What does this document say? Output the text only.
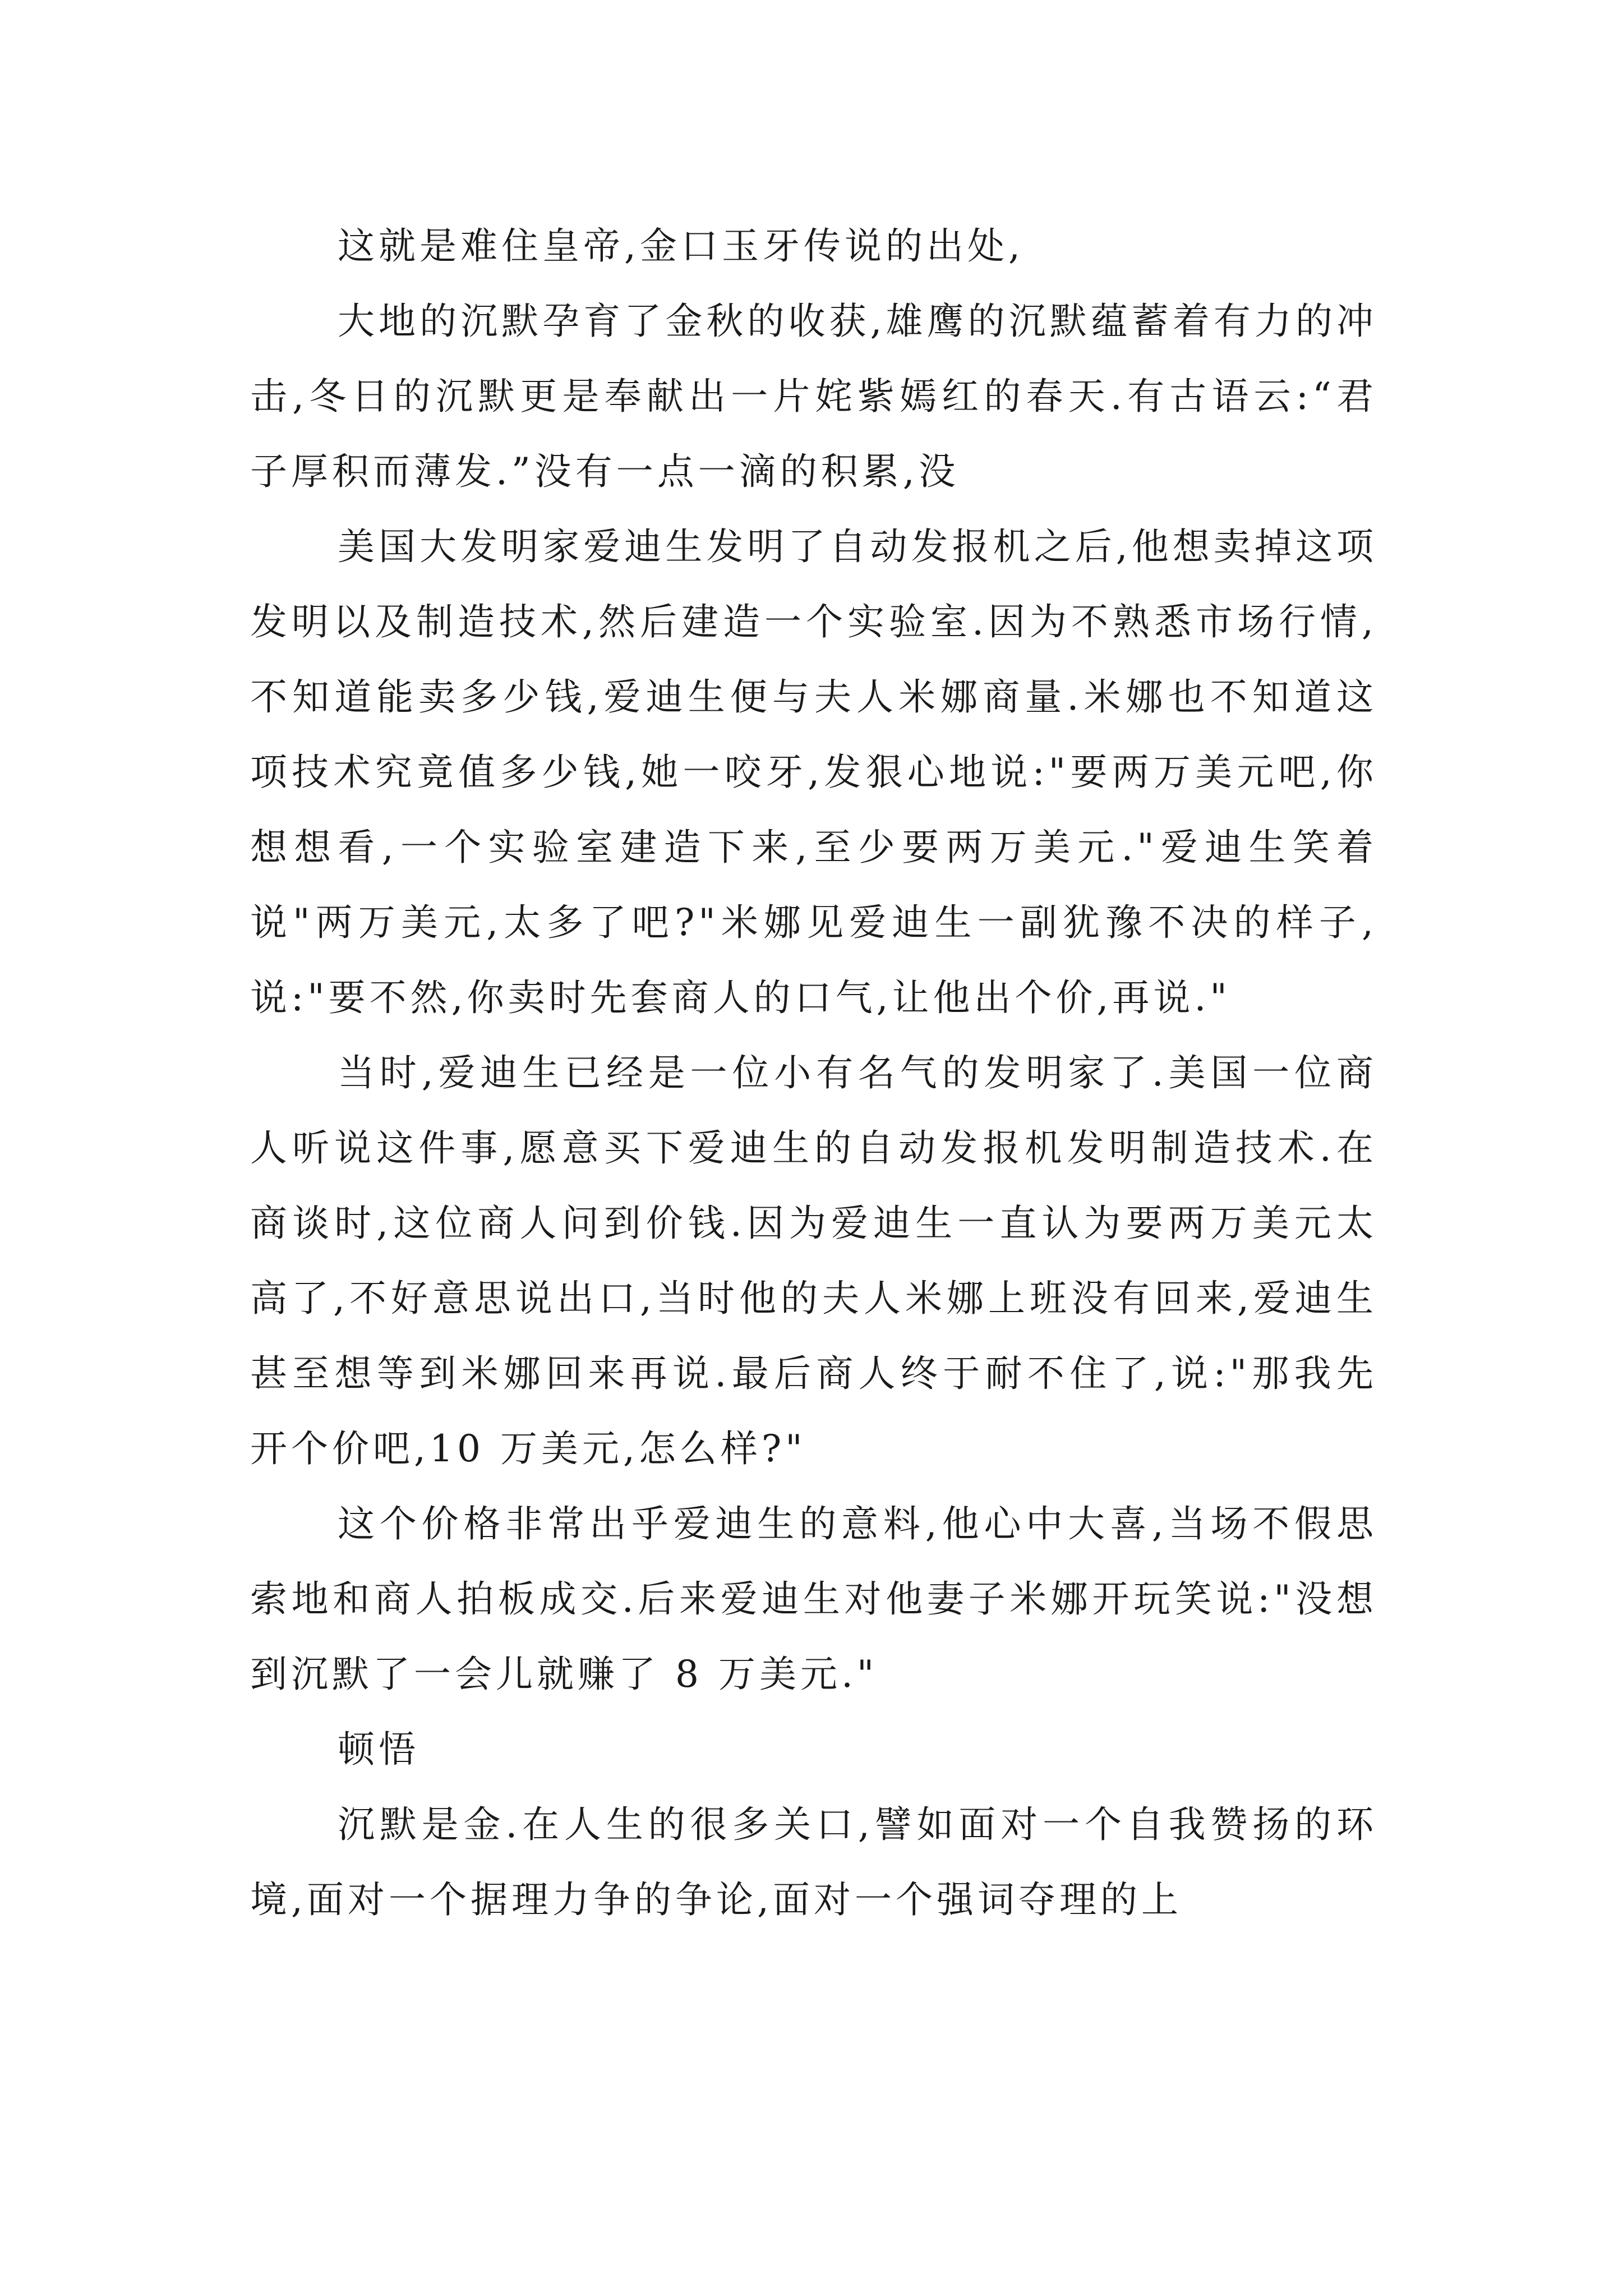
这就是难住皇帝,金口玉牙传说的出处,

大地的沉默孕育了金秋的收获,雄鹰的沉默蕴蓄着有力的冲击,冬日的沉默更是奉献出一片姹紫嫣红的春天.有古语云:“君子厚积而薄发.”没有一点一滴的积累,没

美国大发明家爱迪生发明了自动发报机之后,他想卖掉这项发明以及制造技术,然后建造一个实验室.因为不熟悉市场行情,不知道能卖多少钱,爱迪生便与夫人米娜商量.米娜也不知道这项技术究竟值多少钱,她一咬牙,发狠心地说:"要两万美元吧,你想想看,一个实验室建造下来,至少要两万美元."爱迪生笑着说"两万美元,太多了吧?"米娜见爱迪生一副犹豫不决的样子,说:"要不然,你卖时先套商人的口气,让他出个价,再说."

当时,爱迪生已经是一位小有名气的发明家了.美国一位商人听说这件事,愿意买下爱迪生的自动发报机发明制造技术.在商谈时,这位商人问到价钱.因为爱迪生一直认为要两万美元太高了,不好意思说出口,当时他的夫人米娜上班没有回来,爱迪生甚至想等到米娜回来再说.最后商人终于耐不住了,说:"那我先开个价吧,10 万美元,怎么样?"

这个价格非常出乎爱迪生的意料,他心中大喜,当场不假思索地和商人拍板成交.后来爱迪生对他妻子米娜开玩笑说:"没想到沉默了一会儿就赚了 8 万美元."

顿悟

沉默是金.在人生的很多关口,譬如面对一个自我赞扬的环境,面对一个据理力争的争论,面对一个强词夺理的上
